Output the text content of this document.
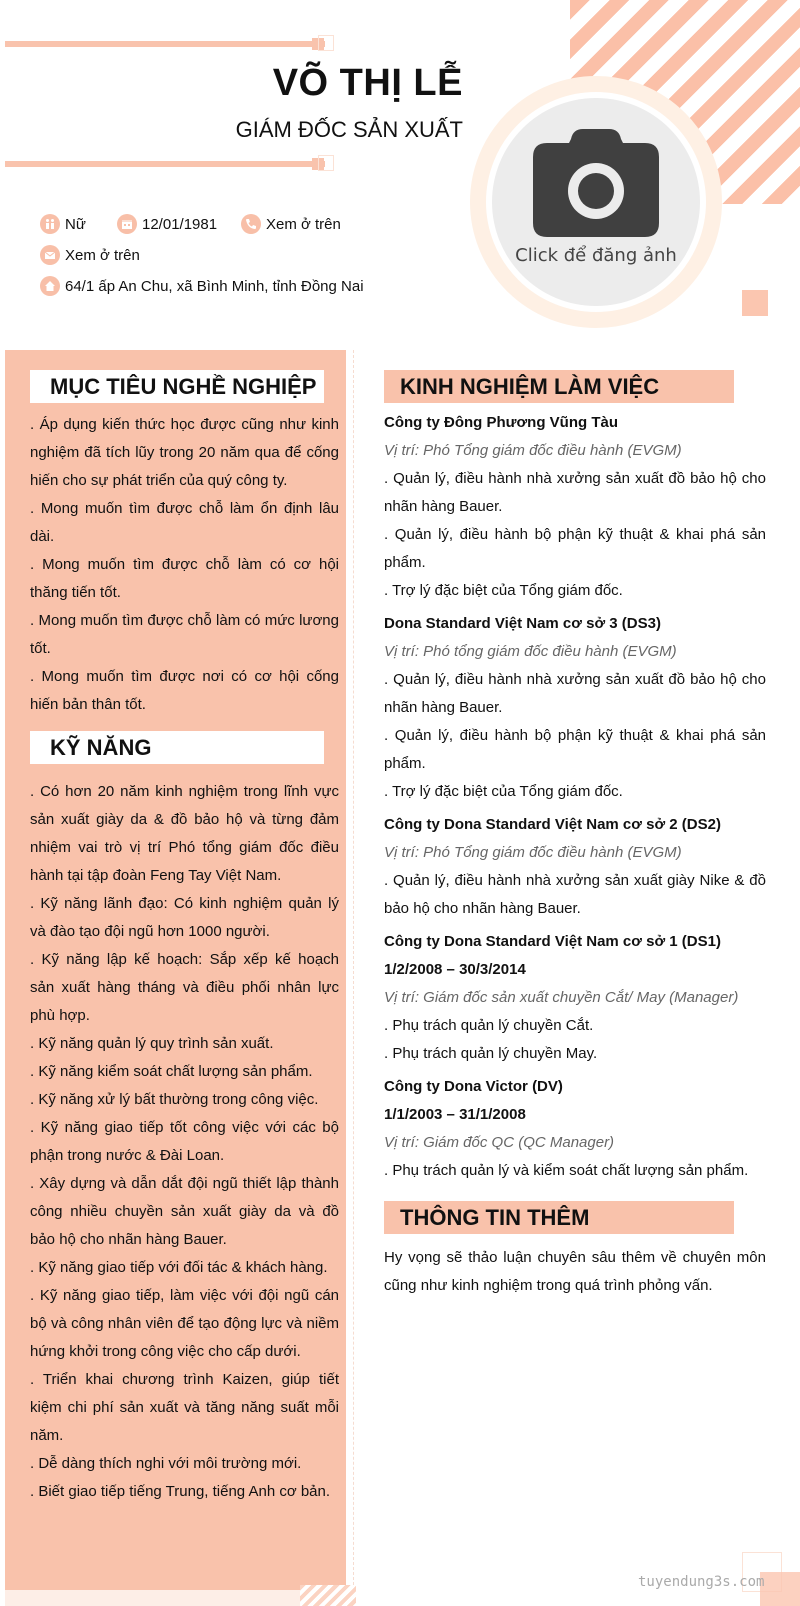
VÕ THỊ LỄ
GIÁM ĐỐC SẢN XUẤT
Click để đăng ảnh
Nữ	12/01/1981	Xem ở trên
Xem ở trên
64/1 ấp An Chu, xã Bình Minh, tỉnh Đồng Nai
MỤC TIÊU NGHỀ NGHIỆP

. Áp dụng kiến thức học được cũng như kinh nghiệm đã tích lũy trong 20 năm qua để cống hiến cho sự phát triển của quý công ty.

. Mong muốn tìm được chỗ làm ổn định lâu dài.

. Mong muốn tìm được chỗ làm có cơ hội thăng tiến tốt.

. Mong muốn tìm được chỗ làm có mức lương tốt.

. Mong muốn tìm được nơi có cơ hội cống hiến bản thân tốt.

KỸ NĂNG

. Có hơn 20 năm kinh nghiệm trong lĩnh vực sản xuất giày da & đồ bảo hộ và từng đảm nhiệm vai trò vị trí Phó tổng giám đốc điều hành tại tập đoàn Feng Tay Việt Nam.

. Kỹ năng lãnh đạo: Có kinh nghiệm quản lý và đào tạo đội ngũ hơn 1000 người.

. Kỹ năng lập kế hoạch: Sắp xếp kế hoạch sản xuất hàng tháng và điều phối nhân lực phù hợp.

. Kỹ năng quản lý quy trình sản xuất.

. Kỹ năng kiểm soát chất lượng sản phẩm.

. Kỹ năng xử lý bất thường trong công việc.

. Kỹ năng giao tiếp tốt công việc với các bộ phận trong nước & Đài Loan.

. Xây dựng và dẫn dắt đội ngũ thiết lập thành công nhiều chuyền sản xuất giày da và đồ bảo hộ cho nhãn hàng Bauer.

. Kỹ năng giao tiếp với đối tác & khách hàng.

. Kỹ năng giao tiếp, làm việc với đội ngũ cán bộ và công nhân viên để tạo động lực và niềm hứng khởi trong công việc cho cấp dưới.

. Triển khai chương trình Kaizen, giúp tiết kiệm chi phí sản xuất và tăng năng suất mỗi năm.

. Dễ dàng thích nghi với môi trường mới.

. Biết giao tiếp tiếng Trung, tiếng Anh cơ bản.

KINH NGHIỆM LÀM VIỆC
Công ty Đông Phương Vũng Tàu
Vị trí: Phó Tổng giám đốc điều hành (EVGM)

. Quản lý, điều hành nhà xưởng sản xuất đồ bảo hộ cho nhãn hàng Bauer.

. Quản lý, điều hành bộ phận kỹ thuật & khai phá sản phẩm.

. Trợ lý đặc biệt của Tổng giám đốc.

Dona Standard Việt Nam cơ sở 3 (DS3)
Vị trí: Phó tổng giám đốc điều hành (EVGM)

. Quản lý, điều hành nhà xưởng sản xuất đồ bảo hộ cho nhãn hàng Bauer.

. Quản lý, điều hành bộ phận kỹ thuật & khai phá sản phẩm.

. Trợ lý đặc biệt của Tổng giám đốc.

Công ty Dona Standard Việt Nam cơ sở 2 (DS2)
Vị trí: Phó Tổng giám đốc điều hành (EVGM)

. Quản lý, điều hành nhà xưởng sản xuất giày Nike & đồ bảo hộ cho nhãn hàng Bauer.

Công ty Dona Standard Việt Nam cơ sở 1 (DS1)
1/2/2008 – 30/3/2014
Vị trí: Giám đốc sản xuất chuyền Cắt/ May (Manager)

. Phụ trách quản lý chuyền Cắt.

. Phụ trách quản lý chuyền May.

Công ty Dona Victor (DV)
1/1/2003 – 31/1/2008
Vị trí: Giám đốc QC (QC Manager)

. Phụ trách quản lý và kiểm soát chất lượng sản phẩm.

THÔNG TIN THÊM

Hy vọng sẽ thảo luận chuyên sâu thêm về chuyên môn cũng như kinh nghiệm trong quá trình phỏng vấn.

tuyendung3s.com
